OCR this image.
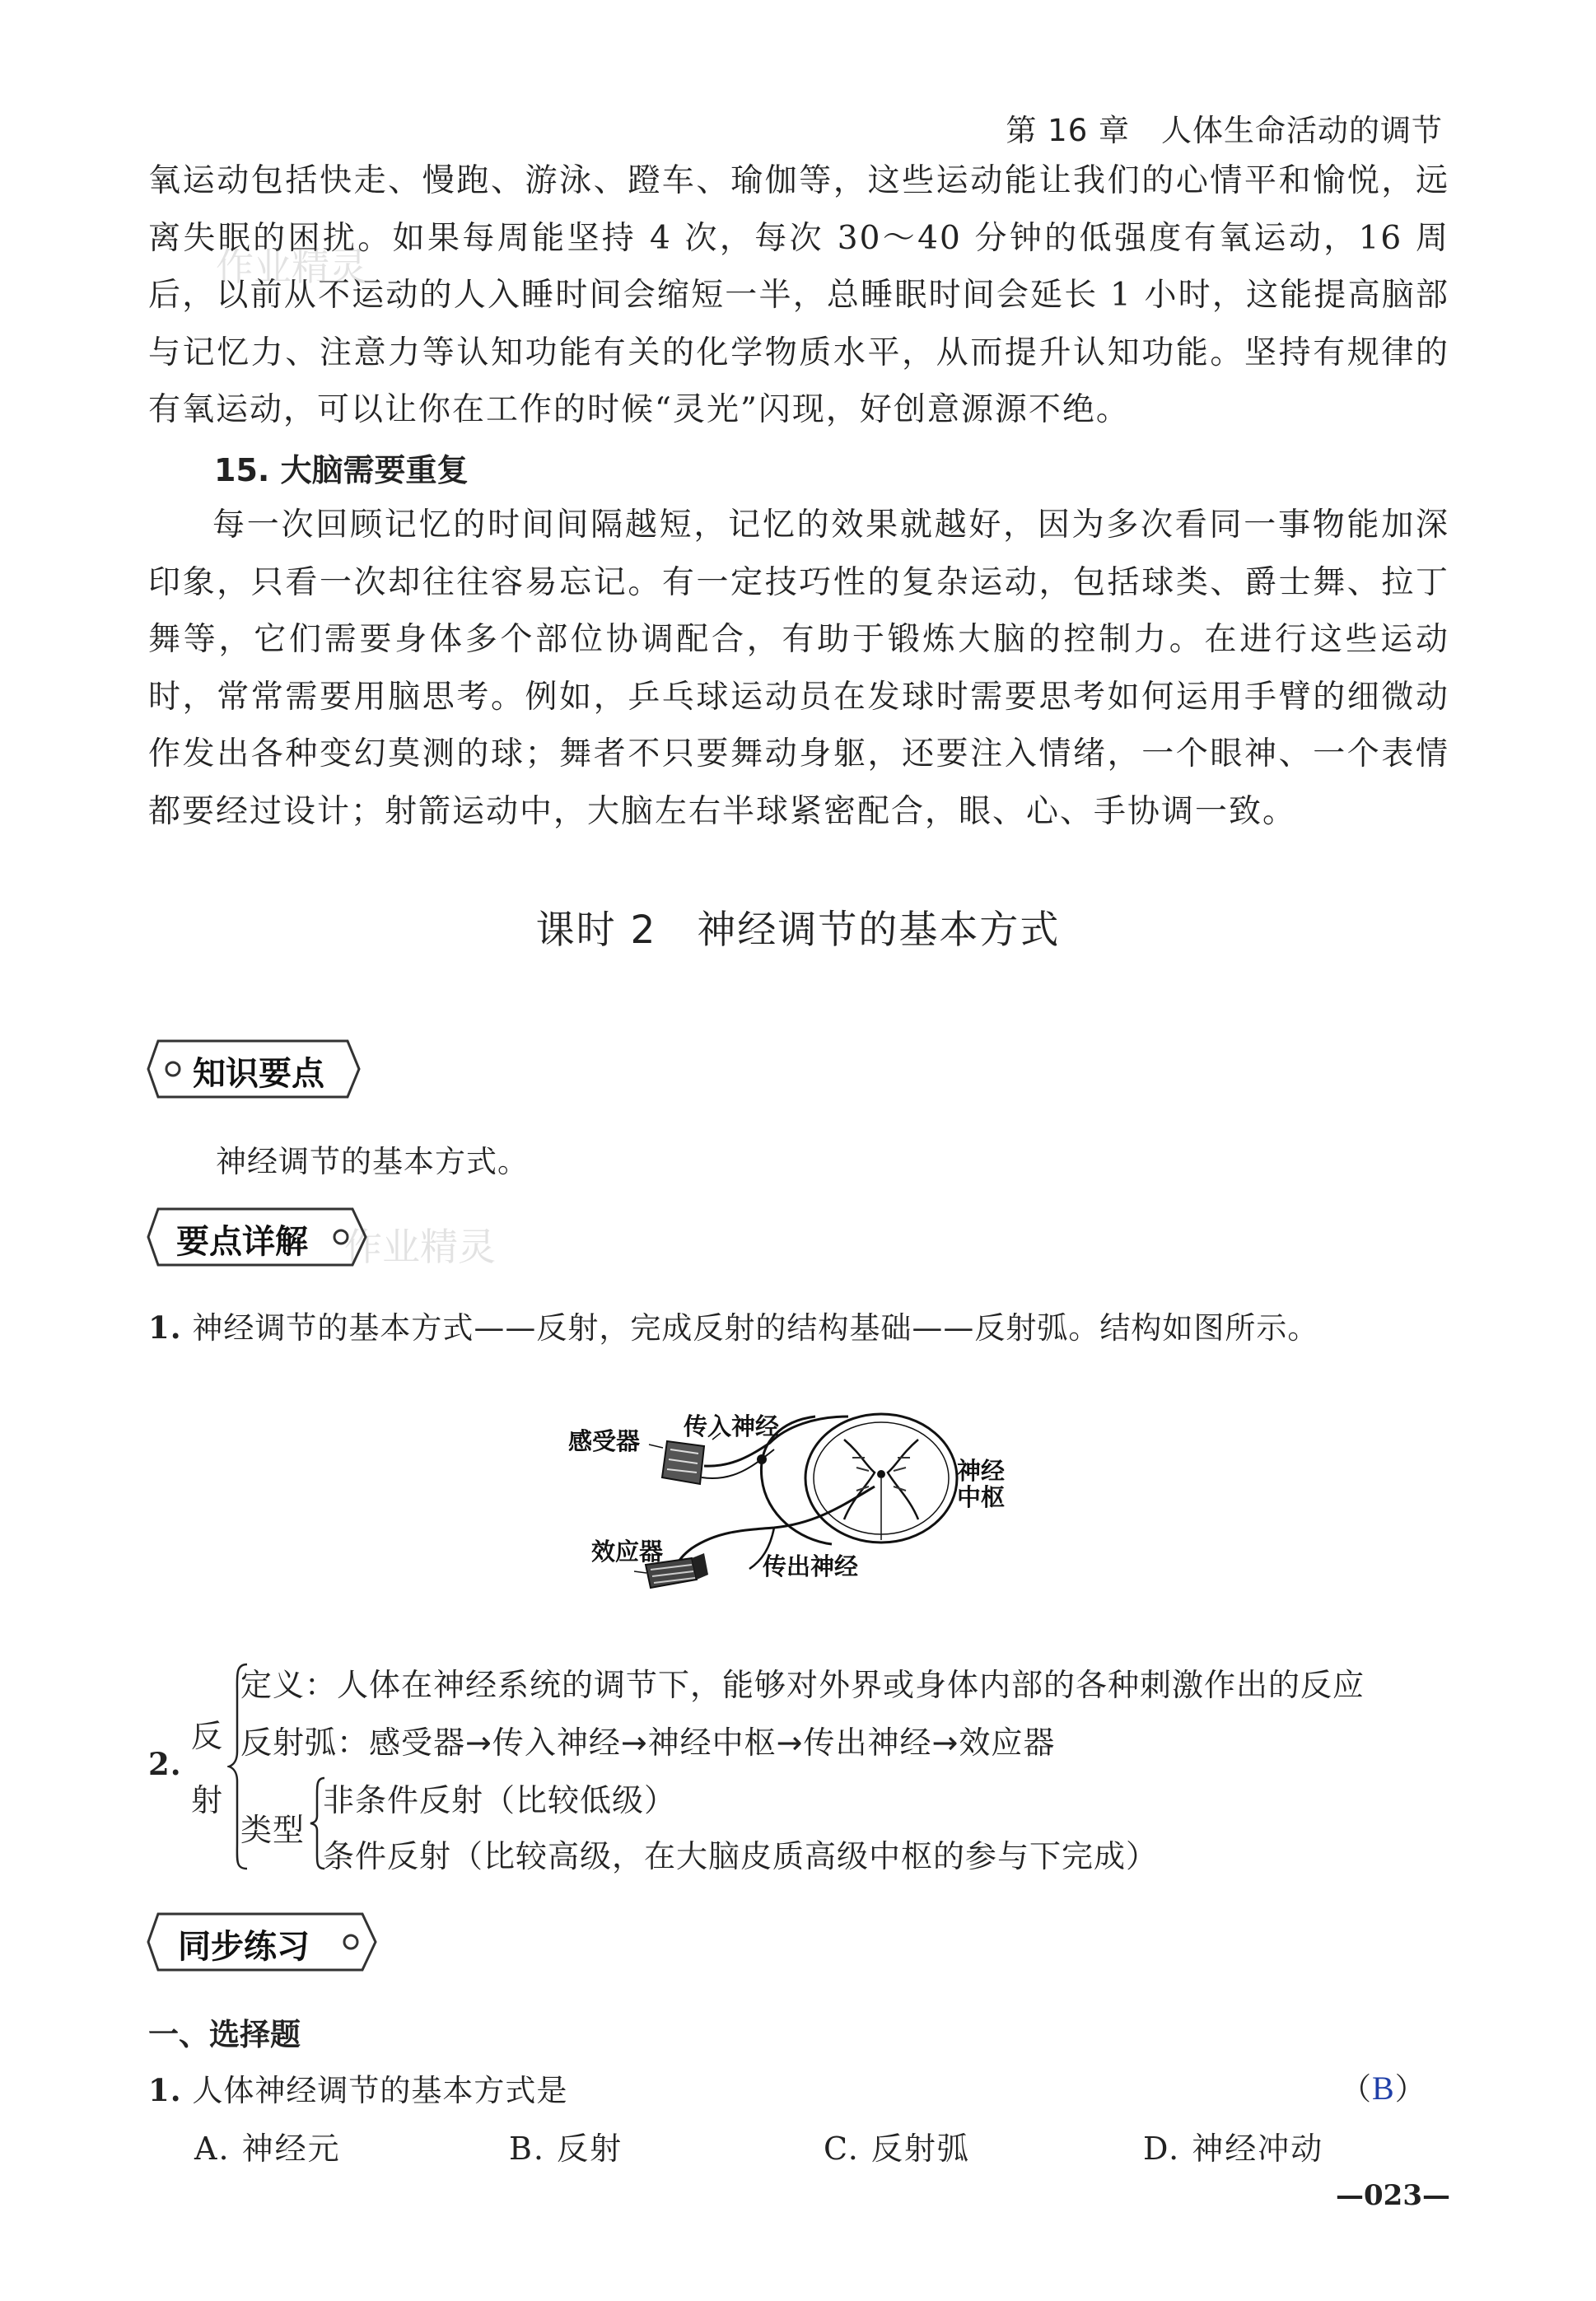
第 16 章　人体生命活动的调节
氧运动包括快走、慢跑、游泳、蹬车、瑜伽等，这些运动能让我们的心情平和愉悦，远离失眠的困扰。如果每周能坚持 4 次，每次 30～40 分钟的低强度有氧运动，16 周后，以前从不运动的人入睡时间会缩短一半，总睡眠时间会延长 1 小时，这能提高脑部与记忆力、注意力等认知功能有关的化学物质水平，从而提升认知功能。坚持有规律的有氧运动，可以让你在工作的时候“灵光”闪现，好创意源源不绝。
作业精灵
作业精灵
15. 大脑需要重复
每一次回顾记忆的时间间隔越短，记忆的效果就越好，因为多次看同一事物能加深印象，只看一次却往往容易忘记。有一定技巧性的复杂运动，包括球类、爵士舞、拉丁舞等，它们需要身体多个部位协调配合，有助于锻炼大脑的控制力。在进行这些运动时，常常需要用脑思考。例如，乒乓球运动员在发球时需要思考如何运用手臂的细微动作发出各种变幻莫测的球；舞者不只要舞动身躯，还要注入情绪，一个眼神、一个表情都要经过设计；射箭运动中，大脑左右半球紧密配合，眼、心、手协调一致。
课时 2　神经调节的基本方式
知识要点
神经调节的基本方式。
要点详解
1. 神经调节的基本方式——反射，完成反射的结构基础——反射弧。结构如图所示。
感受器
传入神经
神经
中枢
效应器
传出神经
2.
反
射
定义：人体在神经系统的调节下，能够对外界或身体内部的各种刺激作出的反应
反射弧：感受器→传入神经→神经中枢→传出神经→效应器
类型
非条件反射（比较低级）
条件反射（比较高级，在大脑皮质高级中枢的参与下完成）
同步练习
一、选择题
1. 人体神经调节的基本方式是	（B）
A. 神经元	B. 反射	C. 反射弧	D. 神经冲动
—023—
